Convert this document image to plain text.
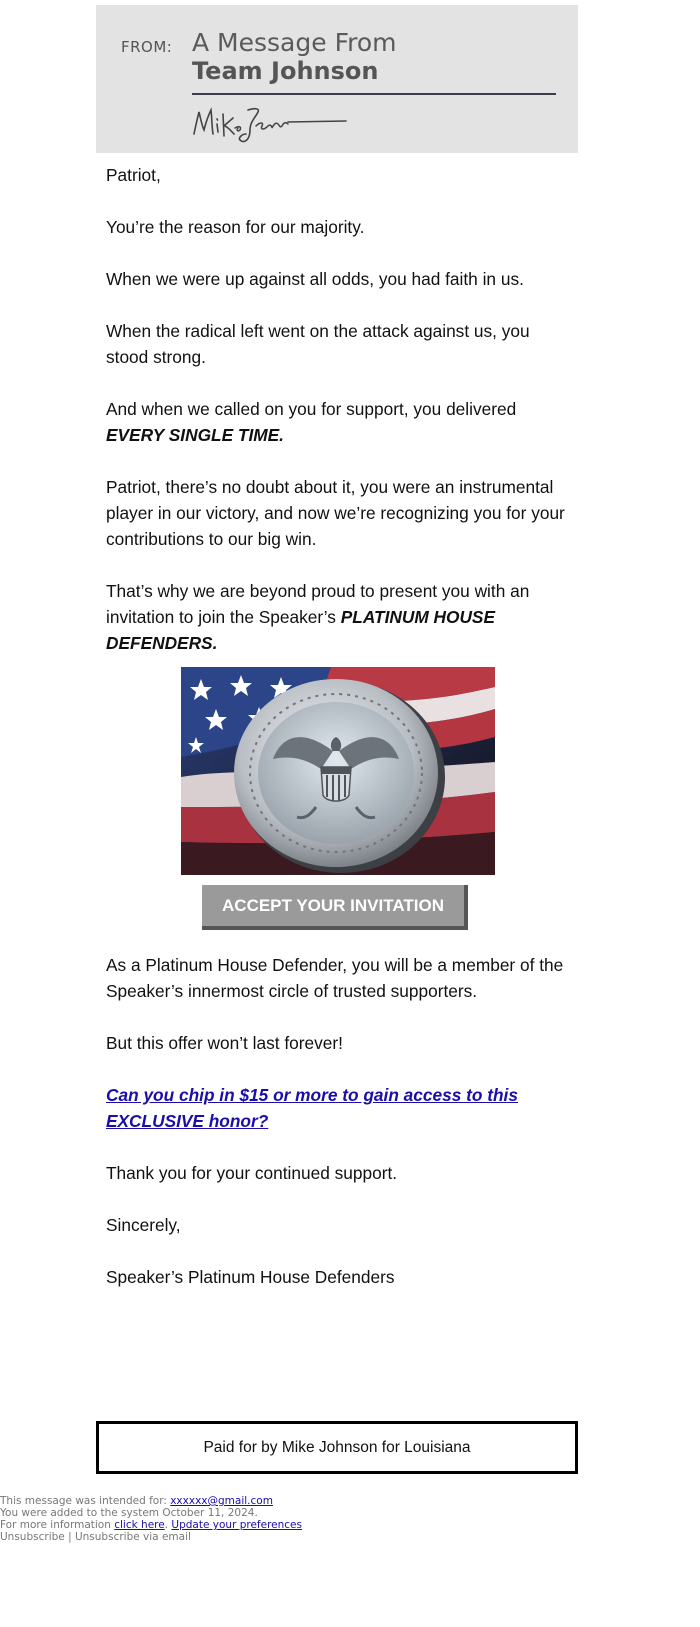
FROM: A Message From
Team Johnson

Patriot,

You’re the reason for our majority.

When we were up against all odds, you had faith in us.

When the radical left went on the attack against us, you stood strong.

And when we called on you for support, you delivered
EVERY SINGLE TIME.

Patriot, there’s no doubt about it, you were an instrumental player in our victory, and now we’re recognizing you for your contributions to our big win.

That’s why we are beyond proud to present you with an invitation to join the Speaker’s PLATINUM HOUSE DEFENDERS.

ACCEPT YOUR INVITATION

As a Platinum House Defender, you will be a member of the Speaker’s innermost circle of trusted supporters.

But this offer won’t last forever!

Can you chip in $15 or more to gain access to this EXCLUSIVE honor?

Thank you for your continued support.

Sincerely,

Speaker’s Platinum House Defenders

Paid for by Mike Johnson for Louisiana
This message was intended for: xxxxxx@gmail.com
You were added to the system October 11, 2024.
For more information click here. Update your preferences
Unsubscribe | Unsubscribe via email
